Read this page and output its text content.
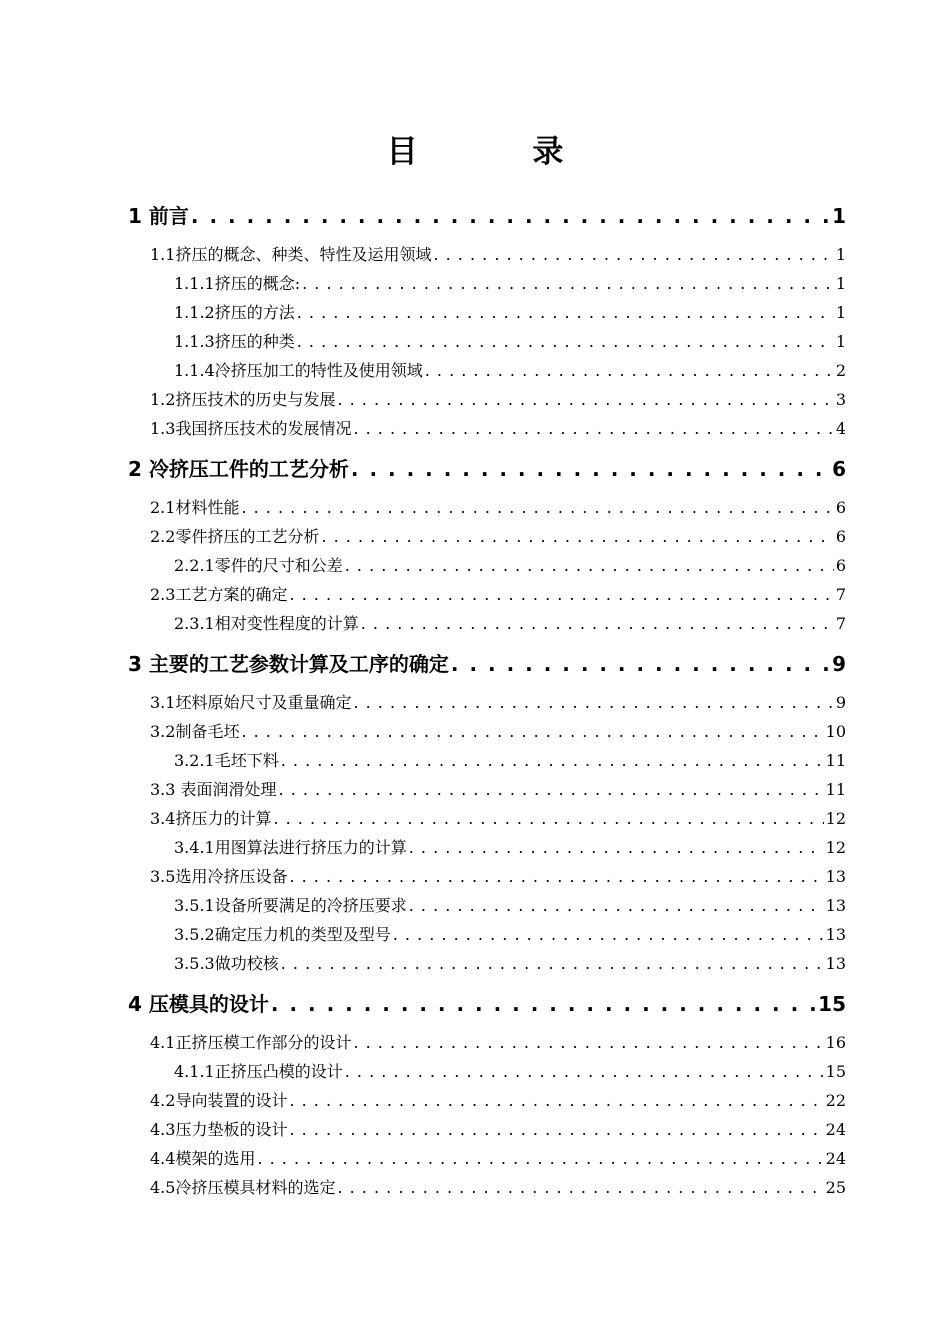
目 录
1 前言 . . .	1
1.1挤压的概念、种类、特性及运用领域 . . .	1
1.1.1挤压的概念: . . .	1
1.1.2挤压的方法 . . .	1
1.1.3挤压的种类 . . .	1
1.1.4冷挤压加工的特性及使用领域 . . .	2
1.2挤压技术的历史与发展 . . .	3
1.3我国挤压技术的发展情况 . . .	4
2 冷挤压工件的工艺分析 . . .	6
2.1材料性能 . . .	6
2.2零件挤压的工艺分析 . . .	6
2.2.1零件的尺寸和公差 . . .	6
2.3工艺方案的确定 . . .	7
2.3.1相对变性程度的计算 . . .	7
3 主要的工艺参数计算及工序的确定 . . .	9
3.1坯料原始尺寸及重量确定 . . .	9
3.2制备毛坯 . . .	10
3.2.1毛坯下料 . . .	11
3.3 表面润滑处理 . . .	11
3.4挤压力的计算 . . .	12
3.4.1用图算法进行挤压力的计算 . . .	12
3.5选用冷挤压设备 . . .	13
3.5.1设备所要满足的冷挤压要求 . . .	13
3.5.2确定压力机的类型及型号 . . .	13
3.5.3做功校核 . . .	13
4 压模具的设计 . . .	15
4.1正挤压模工作部分的设计 . . .	16
4.1.1正挤压凸模的设计 . . .	15
4.2导向装置的设计 . . .	22
4.3压力垫板的设计 . . .	24
4.4模架的选用 . . .	24
4.5冷挤压模具材料的选定 . . .	25
